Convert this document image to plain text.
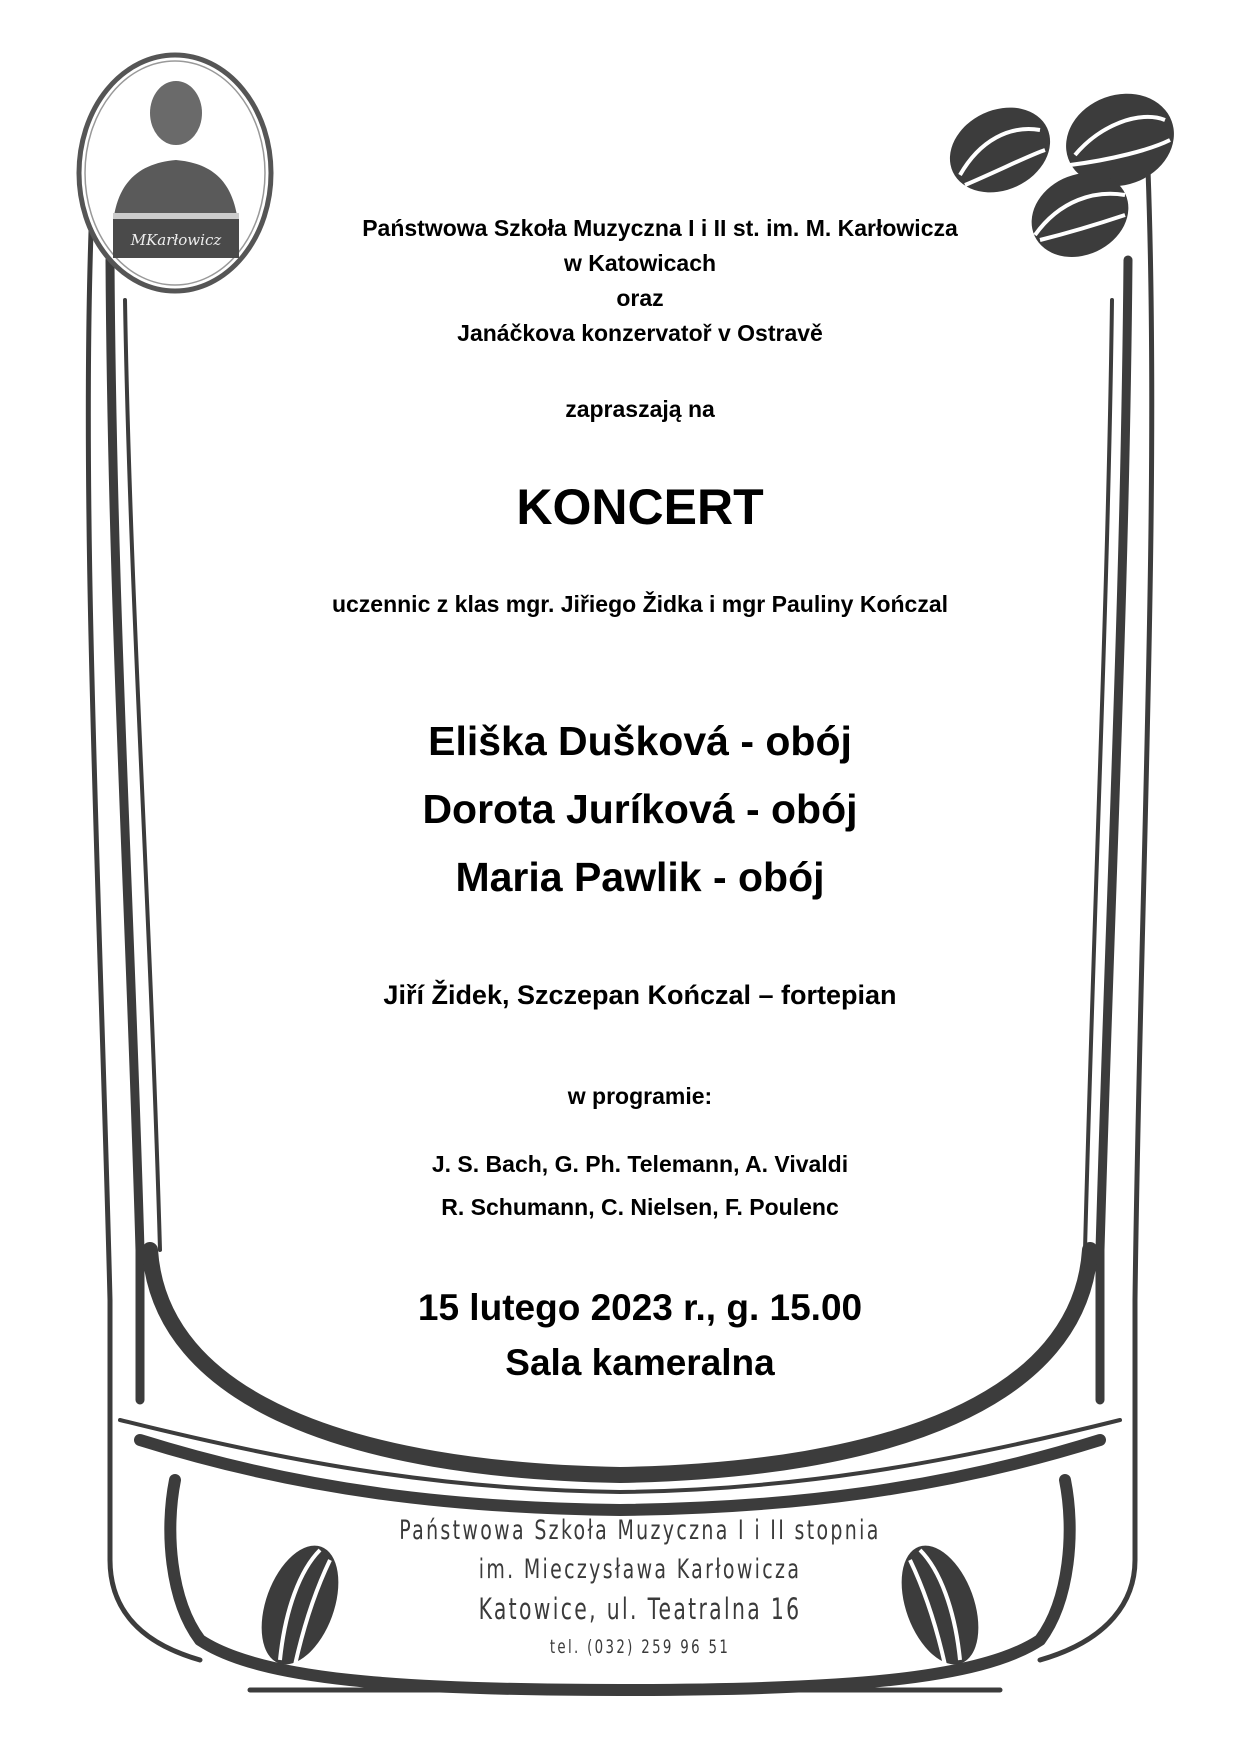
MKarłowicz	Państwowa Szkoła Muzyczna I i II st. im. M. Karłowicza
w Katowicach
oraz
Janáčkova konzervatoř v Ostravě
zapraszają na
KONCERT
uczennic z klas mgr. Jiřiego Židka i mgr Pauliny Kończal
Eliška Dušková - obój
Dorota Juríková - obój
Maria Pawlik - obój
Jiří Židek, Szczepan Kończal – fortepian
w programie:
J. S. Bach, G. Ph. Telemann, A. Vivaldi
R. Schumann, C. Nielsen, F. Poulenc
15 lutego 2023 r., g. 15.00
Sala kameralna
Państwowa Szkoła Muzyczna I i II stopnia
im. Mieczysława Karłowicza
Katowice, ul. Teatralna 16
tel. (032) 259 96 51
